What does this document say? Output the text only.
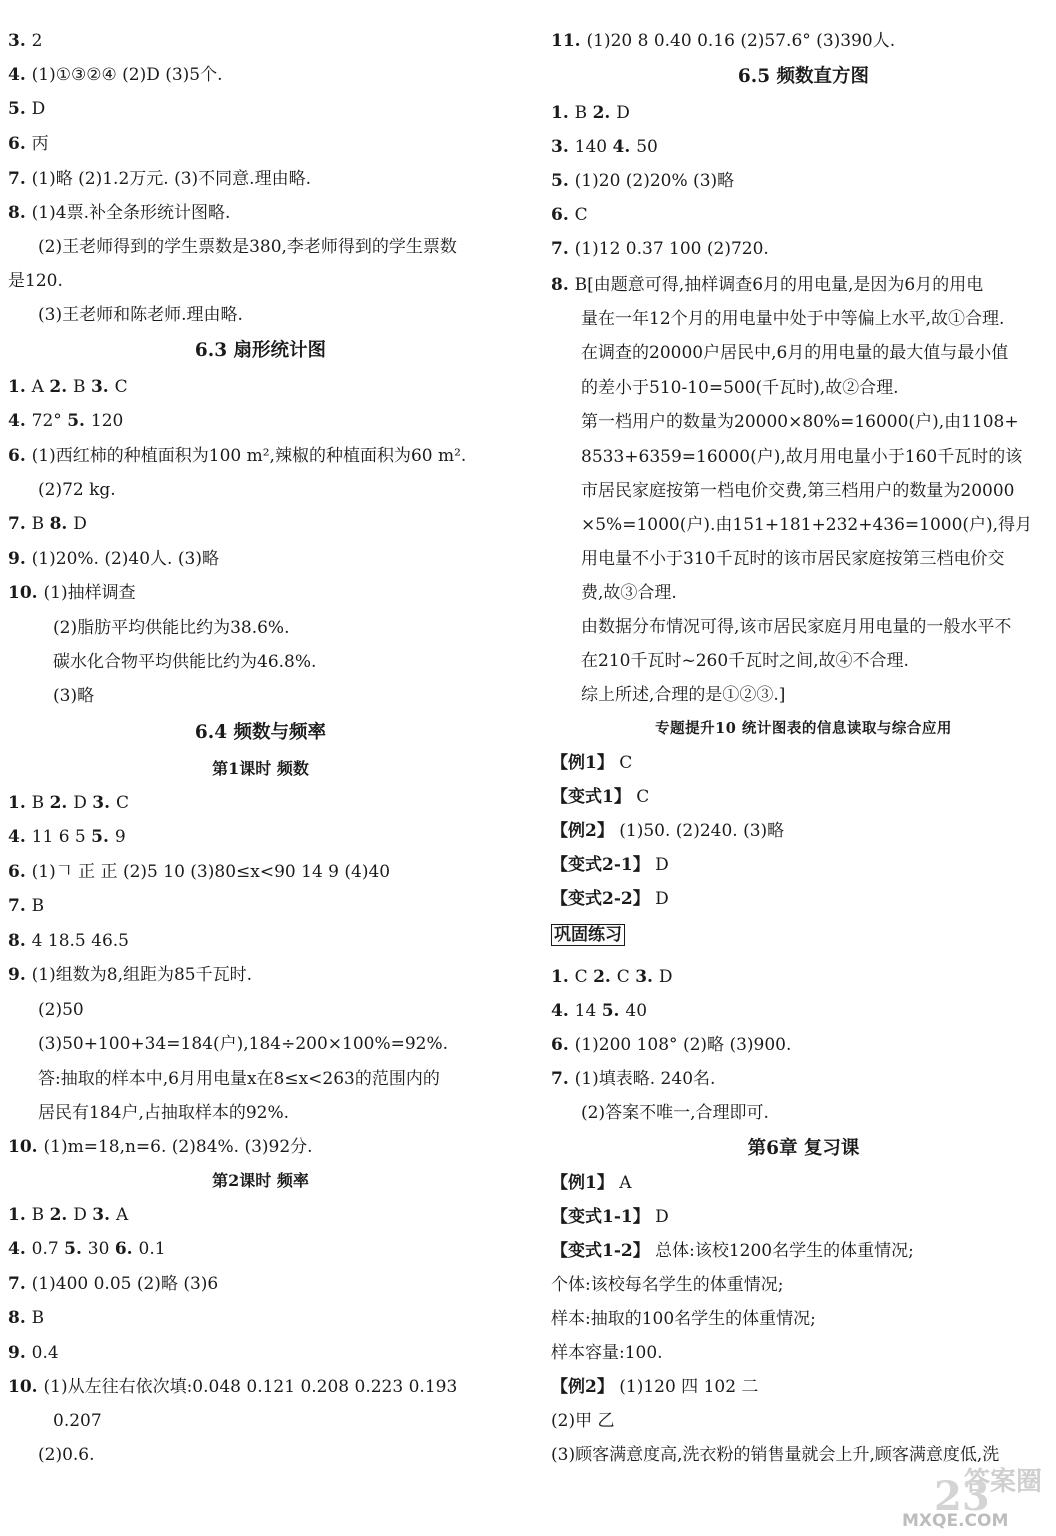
3. 2
4. (1)①③②④ (2)D (3)5个.
5. D
6. 丙
7. (1)略 (2)1.2万元. (3)不同意.理由略.
8. (1)4票.补全条形统计图略.
(2)王老师得到的学生票数是380,李老师得到的学生票数
是120.
(3)王老师和陈老师.理由略.
6.3 扇形统计图
1. A 2. B 3. C
4. 72° 5. 120
6. (1)西红柿的种植面积为100 m²,辣椒的种植面积为60 m².
(2)72 kg.
7. B 8. D
9. (1)20%. (2)40人. (3)略
10. (1)抽样调查
(2)脂肪平均供能比约为38.6%.
碳水化合物平均供能比约为46.8%.
(3)略
6.4 频数与频率
第1课时 频数
1. B 2. D 3. C
4. 11 6 5 5. 9
6. (1)𠃍 正 正 (2)5 10 (3)80≤x<90 14 9 (4)40
7. B
8. 4 18.5 46.5
9. (1)组数为8,组距为85千瓦时.
(2)50
(3)50+100+34=184(户),184÷200×100%=92%.
答:抽取的样本中,6月用电量x在8≤x<263的范围内的
居民有184户,占抽取样本的92%.
10. (1)m=18,n=6. (2)84%. (3)92分.
第2课时 频率
1. B 2. D 3. A
4. 0.7 5. 30 6. 0.1
7. (1)400 0.05 (2)略 (3)6
8. B
9. 0.4
10. (1)从左往右依次填:0.048 0.121 0.208 0.223 0.193
0.207
(2)0.6.
11. (1)20 8 0.40 0.16 (2)57.6° (3)390人.
6.5 频数直方图
1. B 2. D
3. 140 4. 50
5. (1)20 (2)20% (3)略
6. C
7. (1)12 0.37 100 (2)720.
8. B[由题意可得,抽样调查6月的用电量,是因为6月的用电
量在一年12个月的用电量中处于中等偏上水平,故①合理.
在调查的20000户居民中,6月的用电量的最大值与最小值
的差小于510-10=500(千瓦时),故②合理.
第一档用户的数量为20000×80%=16000(户),由1108+
8533+6359=16000(户),故月用电量小于160千瓦时的该
市居民家庭按第一档电价交费,第三档用户的数量为20000
×5%=1000(户).由151+181+232+436=1000(户),得月
用电量不小于310千瓦时的该市居民家庭按第三档电价交
费,故③合理.
由数据分布情况可得,该市居民家庭月用电量的一般水平不
在210千瓦时~260千瓦时之间,故④不合理.
综上所述,合理的是①②③.]
专题提升10 统计图表的信息读取与综合应用
【例1】 C
【变式1】 C
【例2】 (1)50. (2)240. (3)略
【变式2-1】 D
【变式2-2】 D
巩固练习
1. C 2. C 3. D
4. 14 5. 40
6. (1)200 108° (2)略 (3)900.
7. (1)填表略. 240名.
(2)答案不唯一,合理即可.
第6章 复习课
【例1】 A
【变式1-1】 D
【变式1-2】 总体:该校1200名学生的体重情况;
个体:该校每名学生的体重情况;
样本:抽取的100名学生的体重情况;
样本容量:100.
【例2】 (1)120 四 102 二
(2)甲 乙
(3)顾客满意度高,洗衣粉的销售量就会上升,顾客满意度低,洗
答案圈
23
MXQE.COM
